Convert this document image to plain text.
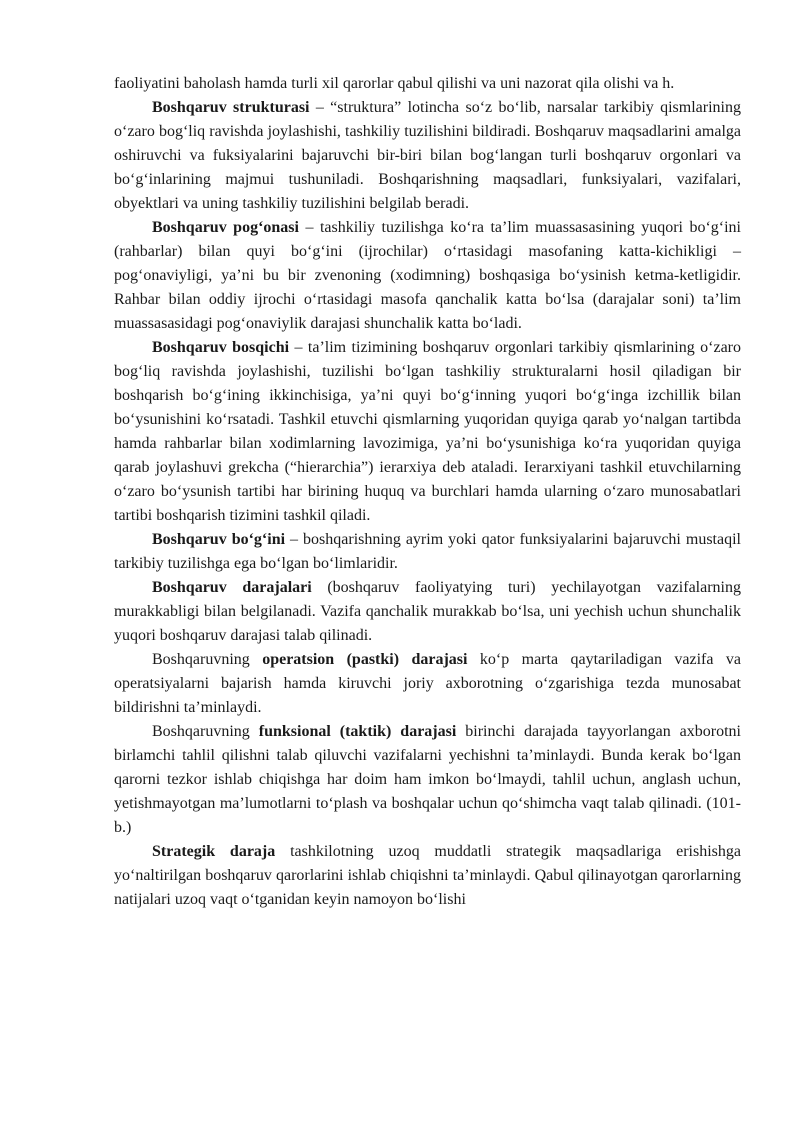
faoliyatini baholash hamda turli xil qarorlar qabul qilishi va uni nazorat qila olishi va h.

Boshqaruv strukturasi – “struktura” lotincha so‘z bo‘lib, narsalar tarkibiy qismlarining o‘zaro bog‘liq ravishda joylashishi, tashkiliy tuzilishini bildiradi. Boshqaruv maqsadlarini amalga oshiruvchi va fuksiyalarini bajaruvchi bir-biri bilan bog‘langan turli boshqaruv orgonlari va bo‘g‘inlarining majmui tushuniladi. Boshqarishning maqsadlari, funksiyalari, vazifalari, obyektlari va uning tashkiliy tuzilishini belgilab beradi.

Boshqaruv pog‘onasi – tashkiliy tuzilishga ko‘ra ta’lim muassasasining yuqori bo‘g‘ini (rahbarlar) bilan quyi bo‘g‘ini (ijrochilar) o‘rtasidagi masofaning katta-kichikligi – pog‘onaviyligi, ya’ni bu bir zvenoning (xodimning) boshqasiga bo‘ysinish ketma-ketligidir. Rahbar bilan oddiy ijrochi o‘rtasidagi masofa qanchalik katta bo‘lsa (darajalar soni) ta’lim muassasasidagi pog‘onaviylik darajasi shunchalik katta bo‘ladi.

Boshqaruv bosqichi – ta’lim tizimining boshqaruv orgonlari tarkibiy qismlarining o‘zaro bog‘liq ravishda joylashishi, tuzilishi bo‘lgan tashkiliy strukturalarni hosil qiladigan bir boshqarish bo‘g‘ining ikkinchisiga, ya’ni quyi bo‘g‘inning yuqori bo‘g‘inga izchillik bilan bo‘ysunishini ko‘rsatadi. Tashkil etuvchi qismlarning yuqoridan quyiga qarab yo‘nalgan tartibda hamda rahbarlar bilan xodimlarning lavozimiga, ya’ni bo‘ysunishiga ko‘ra yuqoridan quyiga qarab joylashuvi grekcha (“hierarchia”) ierarxiya deb ataladi. Ierarxiyani tashkil etuvchilarning o‘zaro bo‘ysunish tartibi har birining huquq va burchlari hamda ularning o‘zaro munosabatlari tartibi boshqarish tizimini tashkil qiladi.

Boshqaruv bo‘g‘ini – boshqarishning ayrim yoki qator funksiyalarini bajaruvchi mustaqil tarkibiy tuzilishga ega bo‘lgan bo‘limlaridir.

Boshqaruv darajalari (boshqaruv faoliyatying turi) yechilayotgan vazifalarning murakkabligi bilan belgilanadi. Vazifa qanchalik murakkab bo‘lsa, uni yechish uchun shunchalik yuqori boshqaruv darajasi talab qilinadi.

Boshqaruvning operatsion (pastki) darajasi ko‘p marta qaytariladigan vazifa va operatsiyalarni bajarish hamda kiruvchi joriy axborotning o‘zgarishiga tezda munosabat bildirishni ta’minlaydi.

Boshqaruvning funksional (taktik) darajasi birinchi darajada tayyorlangan axborotni birlamchi tahlil qilishni talab qiluvchi vazifalarni yechishni ta’minlaydi. Bunda kerak bo‘lgan qarorni tezkor ishlab chiqishga har doim ham imkon bo‘lmaydi, tahlil uchun, anglash uchun, yetishmayotgan ma’lumotlarni to‘plash va boshqalar uchun qo‘shimcha vaqt talab qilinadi. (101-b.)

Strategik daraja tashkilotning uzoq muddatli strategik maqsadlariga erishishga yo‘naltirilgan boshqaruv qarorlarini ishlab chiqishni ta’minlaydi. Qabul qilinayotgan qarorlarning natijalari uzoq vaqt o‘tganidan keyin namoyon bo‘lishi
